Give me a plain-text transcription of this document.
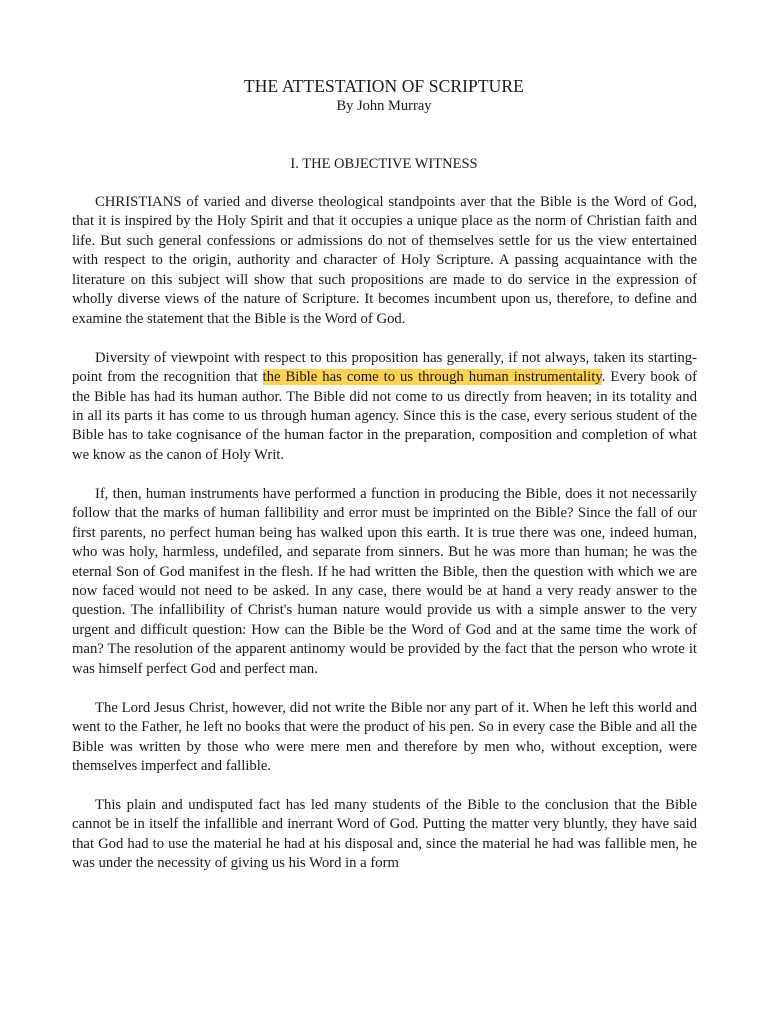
THE ATTESTATION OF SCRIPTURE
By John Murray
I. THE OBJECTIVE WITNESS

CHRISTIANS of varied and diverse theological standpoints aver that the Bible is the Word of God, that it is inspired by the Holy Spirit and that it occupies a unique place as the norm of Christian faith and life. But such general confessions or admissions do not of themselves settle for us the view entertained with respect to the origin, authority and character of Holy Scripture. A passing acquaintance with the literature on this subject will show that such propositions are made to do service in the expression of wholly diverse views of the nature of Scripture. It becomes incumbent upon us, therefore, to define and examine the statement that the Bible is the Word of God.

Diversity of viewpoint with respect to this proposition has generally, if not always, taken its starting-point from the recognition that the Bible has come to us through human instrumentality. Every book of the Bible has had its human author. The Bible did not come to us directly from heaven; in its totality and in all its parts it has come to us through human agency. Since this is the case, every serious student of the Bible has to take cognisance of the human factor in the preparation, composition and completion of what we know as the canon of Holy Writ.

If, then, human instruments have performed a function in producing the Bible, does it not necessarily follow that the marks of human fallibility and error must be imprinted on the Bible? Since the fall of our first parents, no perfect human being has walked upon this earth. It is true there was one, indeed human, who was holy, harmless, undefiled, and separate from sinners. But he was more than human; he was the eternal Son of God manifest in the flesh. If he had written the Bible, then the question with which we are now faced would not need to be asked. In any case, there would be at hand a very ready answer to the question. The infallibility of Christ's human nature would provide us with a simple answer to the very urgent and difficult question: How can the Bible be the Word of God and at the same time the work of man? The resolution of the apparent antinomy would be provided by the fact that the person who wrote it was himself perfect God and perfect man.

The Lord Jesus Christ, however, did not write the Bible nor any part of it. When he left this world and went to the Father, he left no books that were the product of his pen. So in every case the Bible and all the Bible was written by those who were mere men and therefore by men who, without exception, were themselves imperfect and fallible.

This plain and undisputed fact has led many students of the Bible to the conclusion that the Bible cannot be in itself the infallible and inerrant Word of God. Putting the matter very bluntly, they have said that God had to use the material he had at his disposal and, since the material he had was fallible men, he was under the necessity of giving us his Word in a form
